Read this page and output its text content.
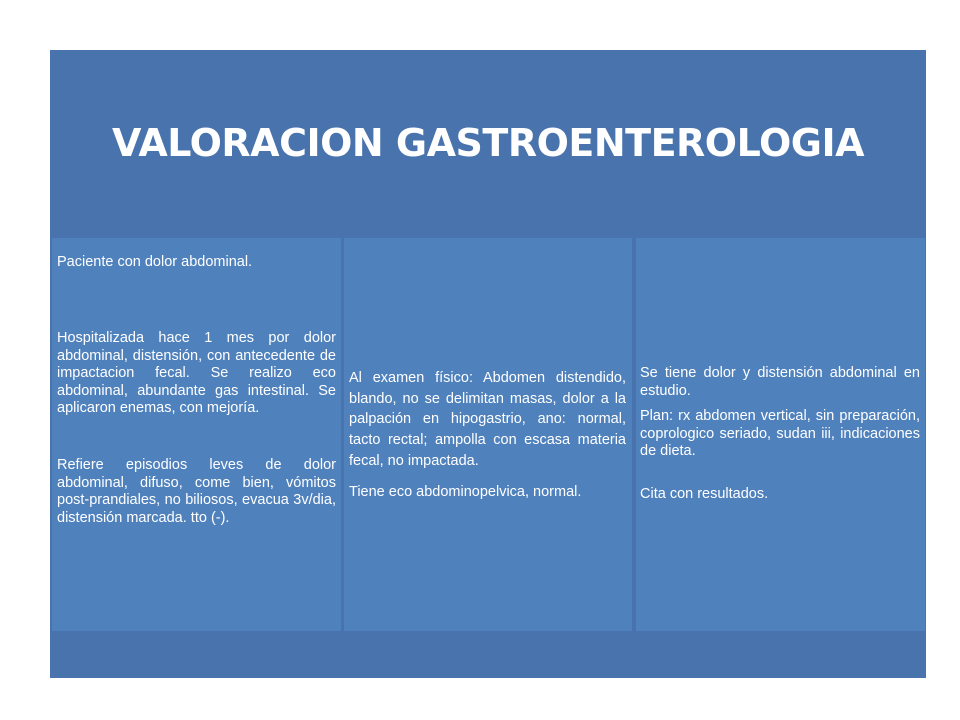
VALORACION GASTROENTEROLOGIA

Paciente con dolor abdominal.

Hospitalizada hace 1 mes por dolor abdominal, distensión, con antecedente de impactacion fecal. Se realizo eco abdominal, abundante gas intestinal. Se aplicaron enemas, con mejoría.

Refiere episodios leves de dolor abdominal, difuso, come bien, vómitos post-prandiales, no biliosos, evacua 3v/dia, distensión marcada. tto (-).

Al examen físico: Abdomen distendido, blando, no se delimitan masas, dolor a la palpación en hipogastrio, ano: normal, tacto rectal; ampolla con escasa materia fecal, no impactada.

Tiene eco abdominopelvica, normal.

Se tiene dolor y distensión abdominal en estudio.

Plan: rx abdomen vertical, sin preparación, coprologico seriado, sudan iii, indicaciones de dieta.

Cita con resultados.
